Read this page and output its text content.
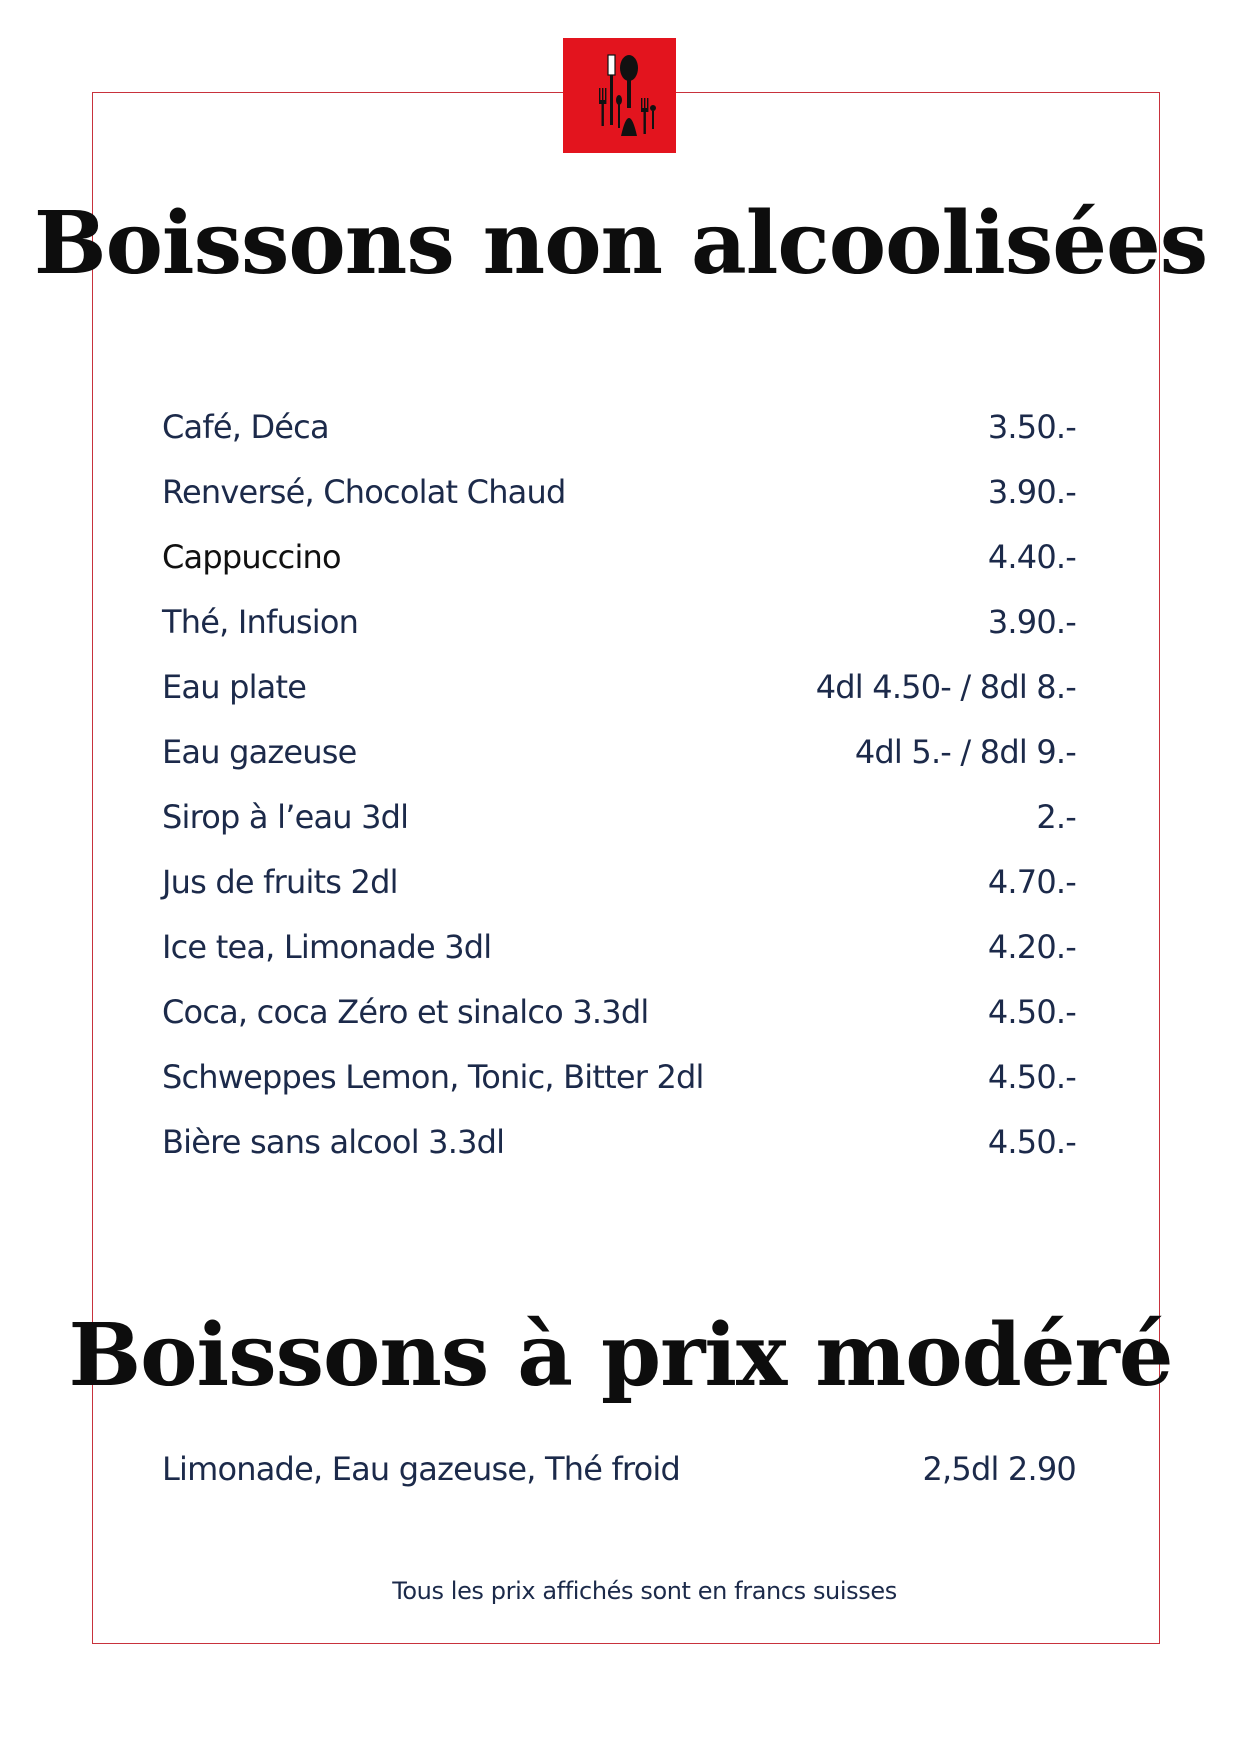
Boissons non alcoolisées
Café, Déca	3.50.-
Renversé, Chocolat Chaud	3.90.-
Cappuccino	4.40.-
Thé, Infusion	3.90.-
Eau plate	4dl 4.50- / 8dl 8.-
Eau gazeuse	4dl 5.- / 8dl 9.-
Sirop à l’eau 3dl	2.-
Jus de fruits 2dl	4.70.-
Ice tea, Limonade 3dl	4.20.-
Coca, coca Zéro et sinalco 3.3dl	4.50.-
Schweppes Lemon, Tonic, Bitter 2dl	4.50.-
Bière sans alcool 3.3dl	4.50.-
Boissons à prix modéré
Limonade, Eau gazeuse, Thé froid	2,5dl 2.90
Tous les prix affichés sont en francs suisses
